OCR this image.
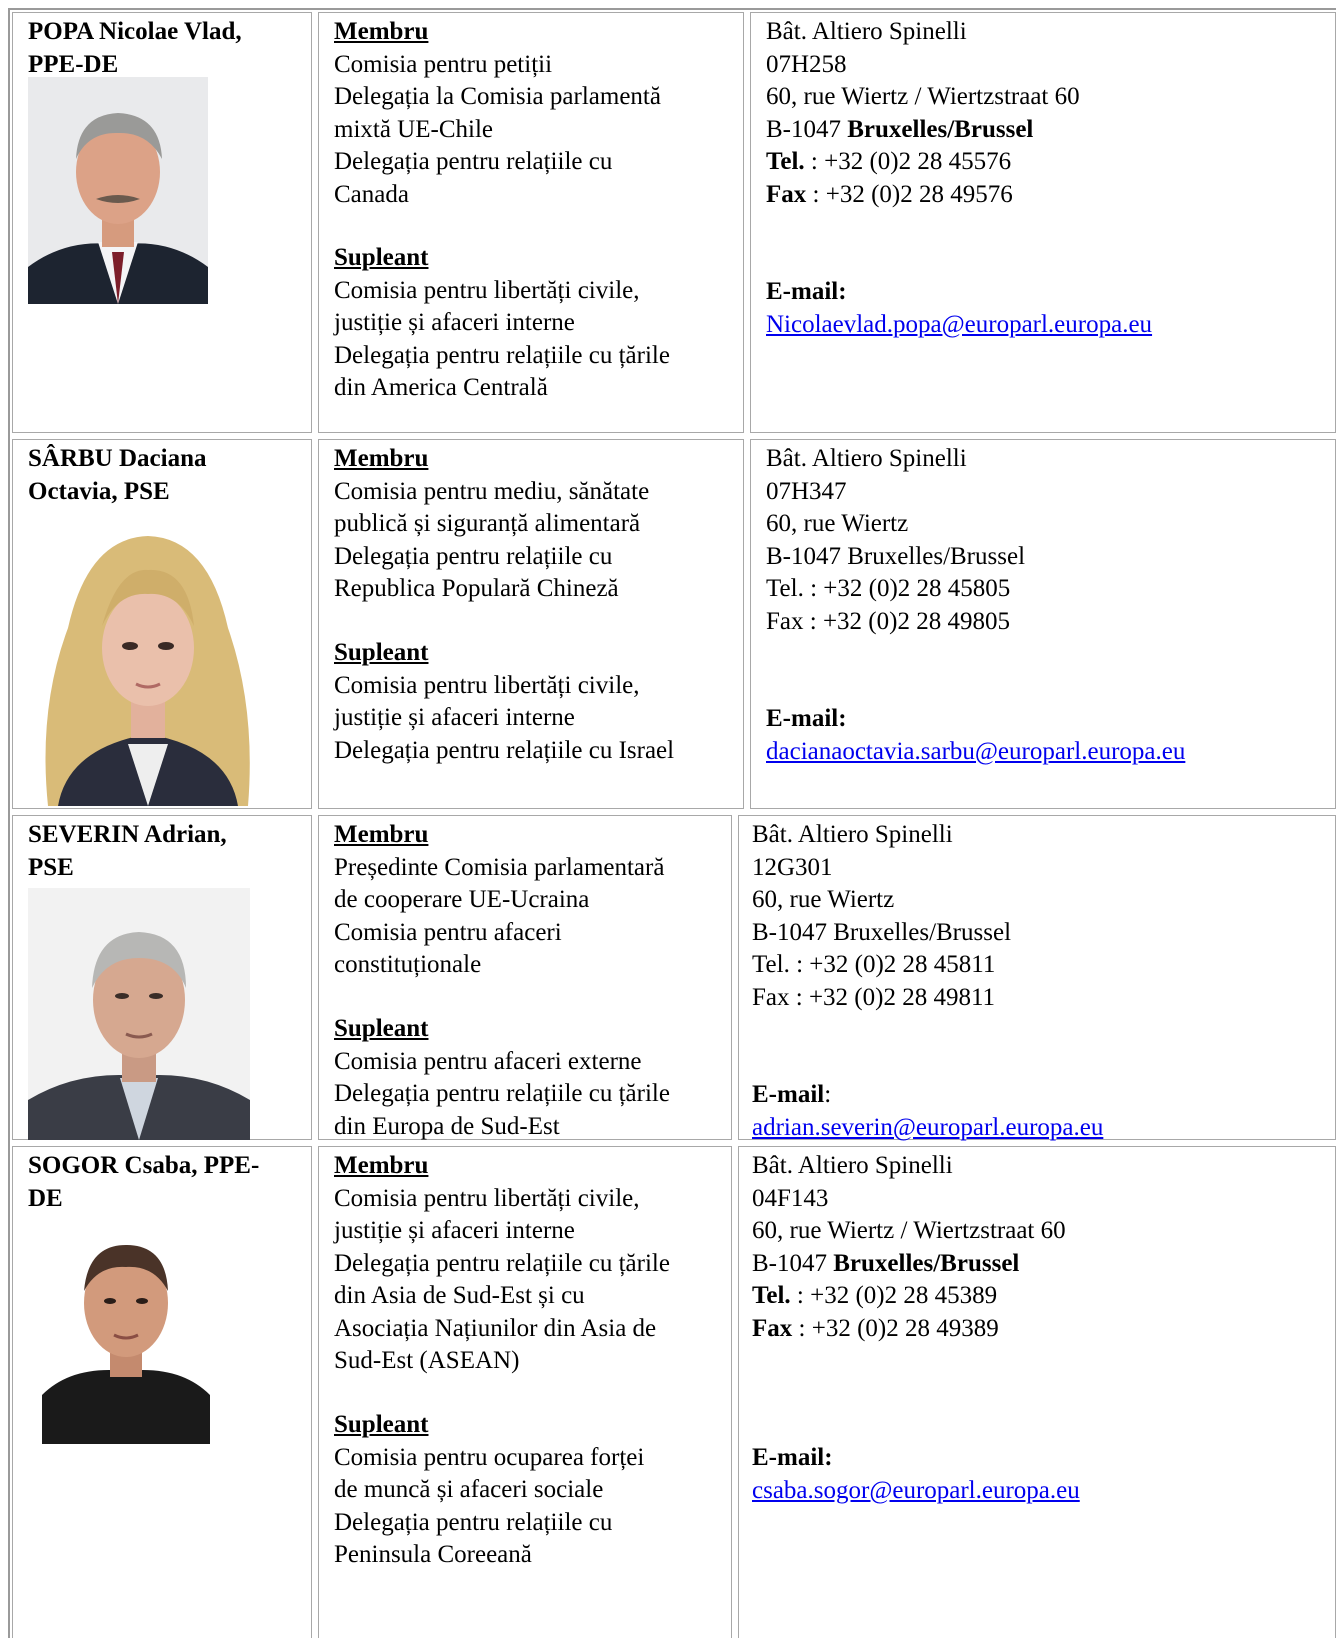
POPA Nicolae Vlad,
PPE-DE
Membru
Comisia pentru petiții
Delegația la Comisia parlamentă
mixtă UE-Chile
Delegația pentru relațiile cu
Canada
Supleant
Comisia pentru libertăți civile,
justiție și afaceri interne
Delegația pentru relațiile cu țările
din America Centrală
Bât. Altiero Spinelli
07H258
60, rue Wiertz / Wiertzstraat 60
B-1047 Bruxelles/Brussel
Tel. : +32 (0)2 28 45576
Fax : +32 (0)2 28 49576
E-mail:
Nicolaevlad.popa@europarl.europa.eu
SÂRBU Daciana
Octavia, PSE
Membru
Comisia pentru mediu, sănătate
publică și siguranță alimentară
Delegația pentru relațiile cu
Republica Populară Chineză
Supleant
Comisia pentru libertăți civile,
justiție și afaceri interne
Delegația pentru relațiile cu Israel
Bât. Altiero Spinelli
07H347
60, rue Wiertz
B-1047 Bruxelles/Brussel
Tel. : +32 (0)2 28 45805
Fax : +32 (0)2 28 49805
E-mail:
dacianaoctavia.sarbu@europarl.europa.eu
SEVERIN Adrian,
PSE
Membru
Președinte Comisia parlamentară
de cooperare UE-Ucraina
Comisia pentru afaceri
constituționale
Supleant
Comisia pentru afaceri externe
Delegația pentru relațiile cu țările
din Europa de Sud-Est
Bât. Altiero Spinelli
12G301
60, rue Wiertz
B-1047 Bruxelles/Brussel
Tel. : +32 (0)2 28 45811
Fax : +32 (0)2 28 49811
E-mail:
adrian.severin@europarl.europa.eu
SOGOR Csaba, PPE-
DE
Membru
Comisia pentru libertăți civile,
justiție și afaceri interne
Delegația pentru relațiile cu țările
din Asia de Sud-Est și cu
Asociația Națiunilor din Asia de
Sud-Est (ASEAN)
Supleant
Comisia pentru ocuparea forței
de muncă și afaceri sociale
Delegația pentru relațiile cu
Peninsula Coreeană
Bât. Altiero Spinelli
04F143
60, rue Wiertz / Wiertzstraat 60
B-1047 Bruxelles/Brussel
Tel. : +32 (0)2 28 45389
Fax : +32 (0)2 28 49389
E-mail:
csaba.sogor@europarl.europa.eu
